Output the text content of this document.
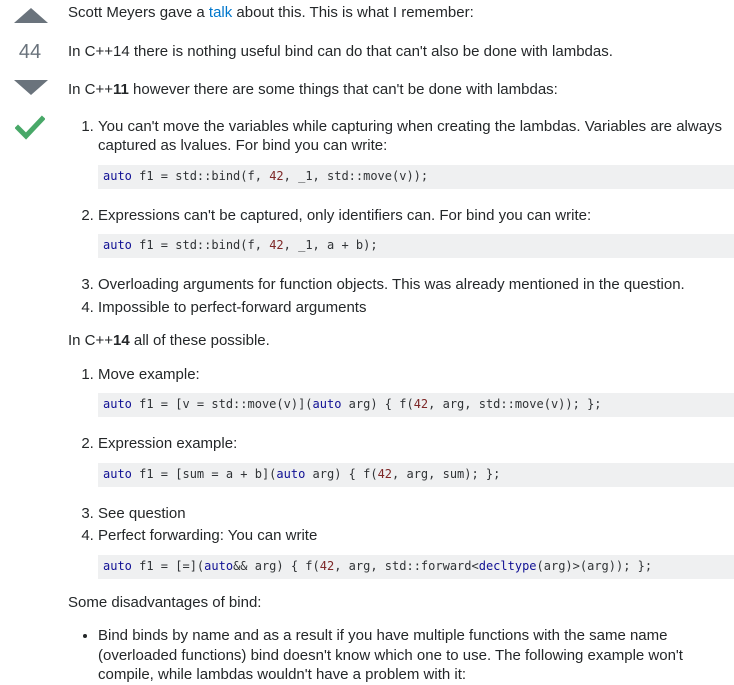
44

Scott Meyers gave a talk about this. This is what I remember:

In C++14 there is nothing useful bind can do that can't also be done with lambdas.

In C++11 however there are some things that can't be done with lambdas:

1. You can't move the variables while capturing when creating the lambdas. Variables are always captured as lvalues. For bind you can write:
auto f1 = std::bind(f, 42, _1, std::move(v));
2. Expressions can't be captured, only identifiers can. For bind you can write:
auto f1 = std::bind(f, 42, _1, a + b);
3. Overloading arguments for function objects. This was already mentioned in the question.
4. Impossible to perfect-forward arguments

In C++14 all of these possible.

1. Move example:
auto f1 = [v = std::move(v)](auto arg) { f(42, arg, std::move(v)); };
2. Expression example:
auto f1 = [sum = a + b](auto arg) { f(42, arg, sum); };
3. See question
4. Perfect forwarding: You can write
auto f1 = [=](auto&& arg) { f(42, arg, std::forward<decltype(arg)>(arg)); };

Some disadvantages of bind:

• Bind binds by name and as a result if you have multiple functions with the same name (overloaded functions) bind doesn't know which one to use. The following example won't compile, while lambdas wouldn't have a problem with it:
